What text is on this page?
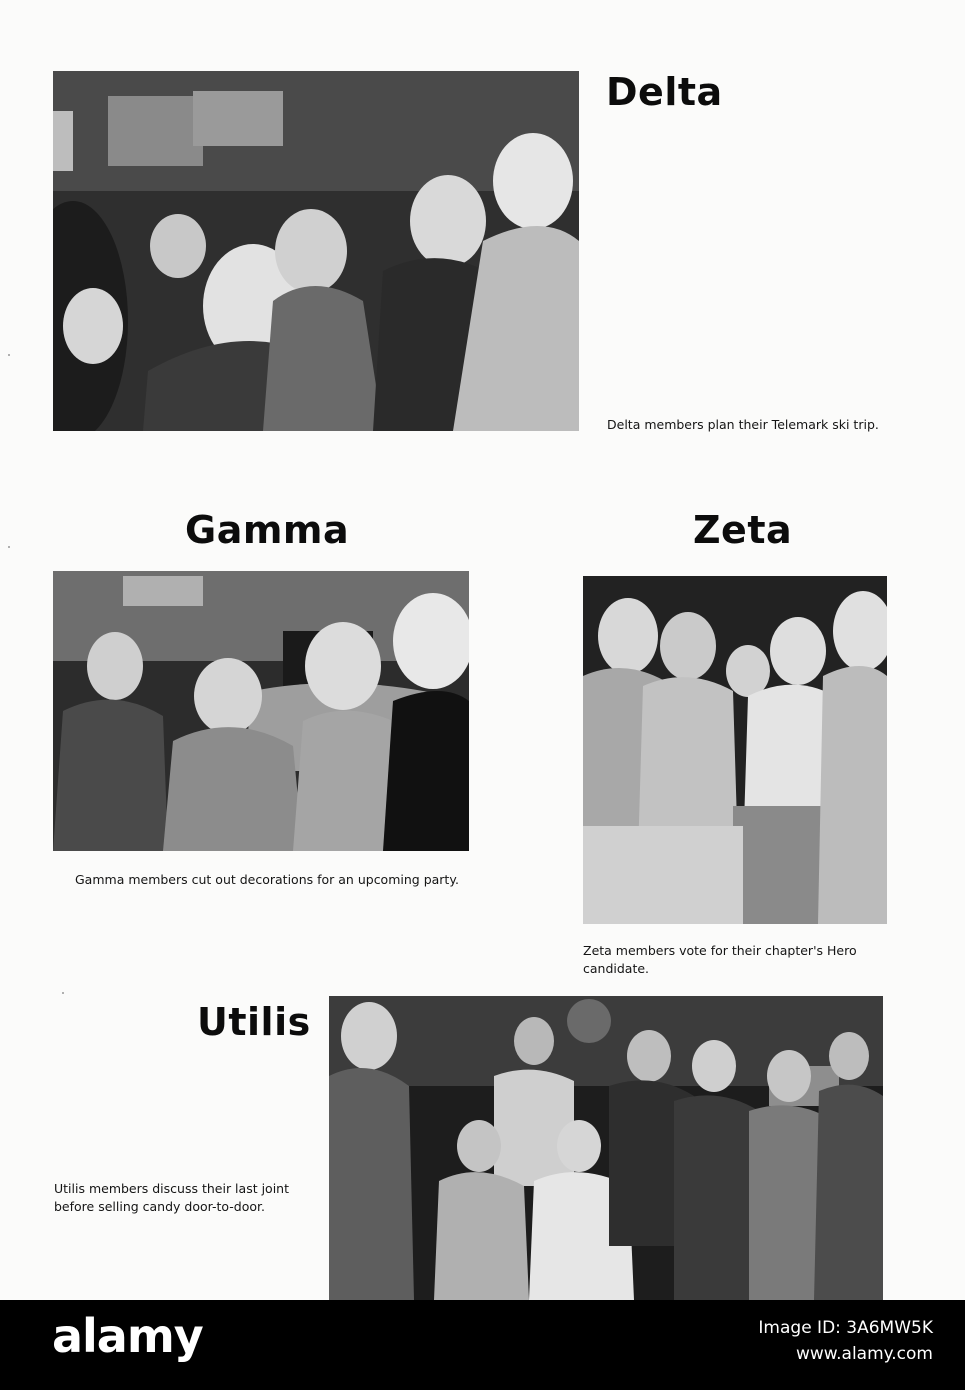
Delta

Delta members plan their Telemark ski trip.

Gamma

Gamma members cut out decorations for an upcoming party.

Zeta

Zeta members vote for their chapter's Hero

candidate.

Utilis

Utilis members discuss their last joint

before selling candy door-to-door.

alamy	Image ID: 3A6MW5K
www.alamy.com
